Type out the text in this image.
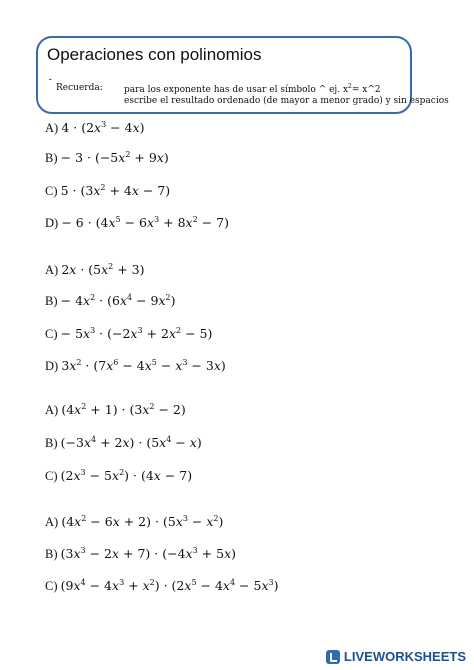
Operaciones con polinomios
¯ Recuerda: para los exponente has de usar el símbolo ^ ej. $x^2=$ x^2
escribe el resultado ordenado (de mayor a menor grado) y sin espacios
A) $4 \cdot (2x^3 - 4x)$
$B) - 3 \cdot (-5x^2 + 9x)$
C) $5 \cdot (3x^2 + 4x - 7)$
$D) - 6 \cdot (4x^5 - 6x^3 + 8x^2 - 7)$
A) $2x \cdot (5x^2 + 3)$
$B) - 4x^2 \cdot (6x^4 - 9x^2)$
$C) - 5x^3 \cdot (-2x^3 + 2x^2 - 5)$
D) $3x^2 \cdot (7x^6 - 4x^5 - x^3 - 3x)$
A) $(4x^2 + 1) \cdot (3x^2 - 2)$
B) $(-3x^4 + 2x) \cdot (5x^4 - x)$
C) $(2x^3 - 5x^2) \cdot (4x - 7)$
A) $(4x^2 - 6x + 2) \cdot (5x^3 - x^2)$
B) $(3x^3 - 2x + 7) \cdot (-4x^3 + 5x)$
C) $(9x^4 - 4x^3 + x^2) \cdot (2x^5 - 4x^4 - 5x^3)$
LIVEWORKSHEETS
